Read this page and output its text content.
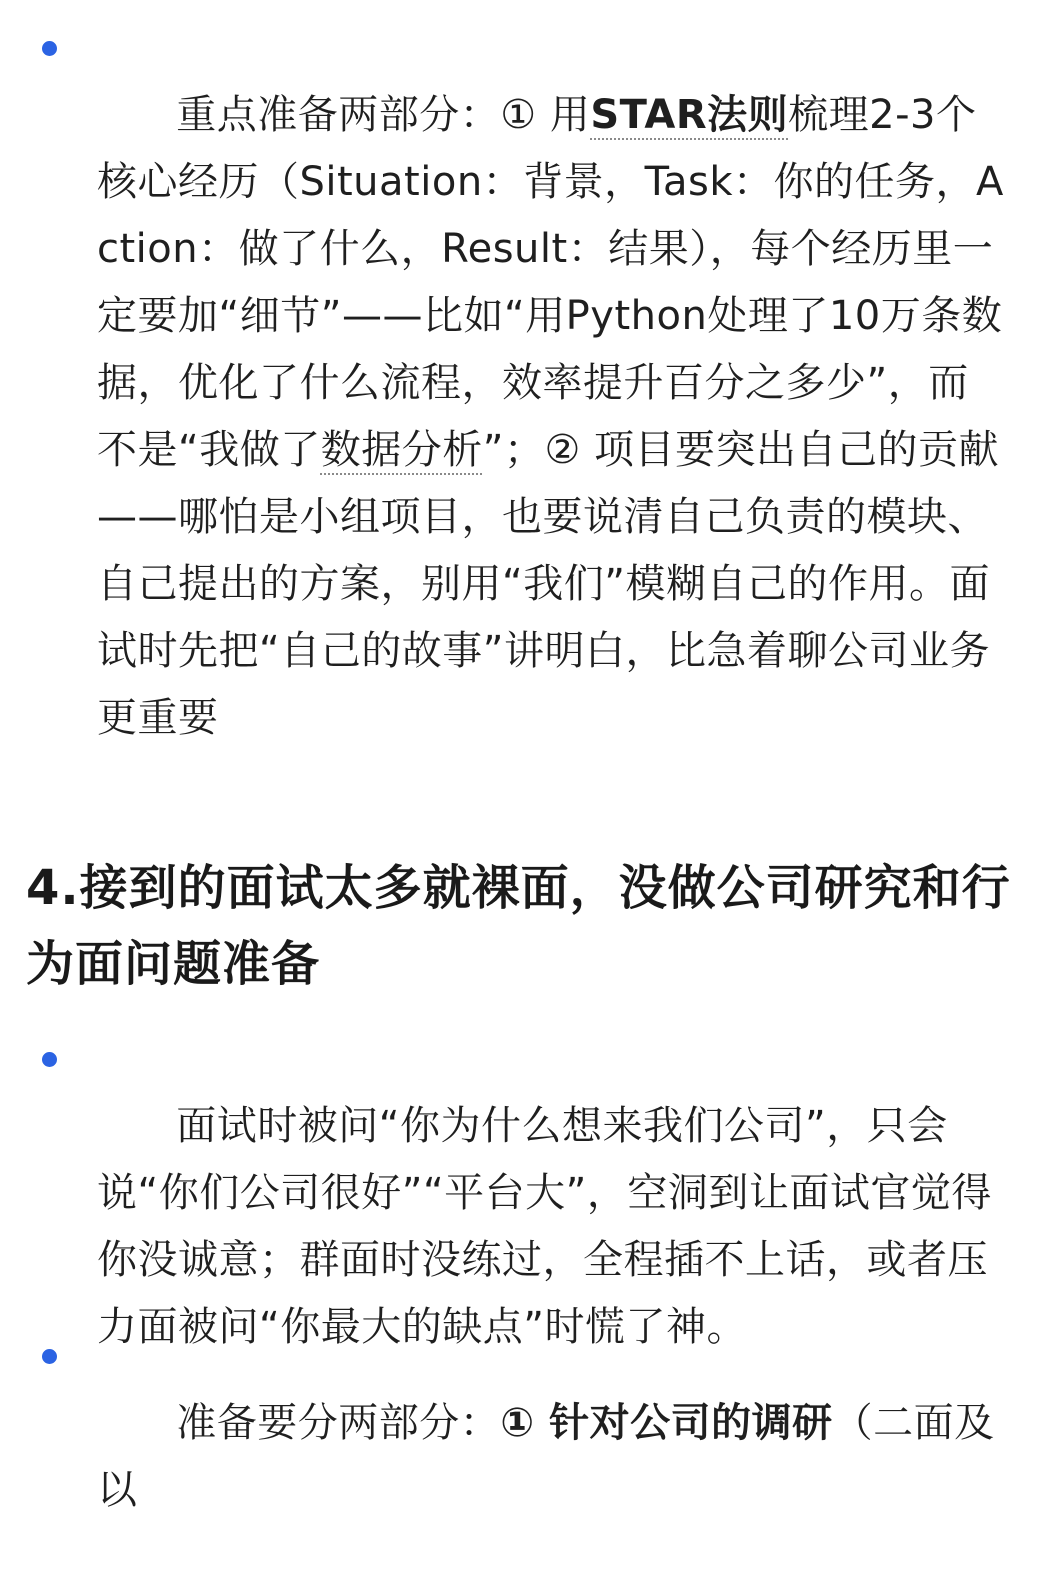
重点准备两部分：① 用STAR法则梳理2-3个核心经历（Situation：背景，Task：你的任务，Action：做了什么，Result：结果），每个经历里一定要加“细节”——比如“用Python处理了10万条数据，优化了什么流程，效率提升百分之多少”，而不是“我做了数据分析”；② 项目要突出自己的贡献——哪怕是小组项目，也要说清自己负责的模块、自己提出的方案，别用“我们”模糊自己的作用。面试时先把“自己的故事”讲明白，比急着聊公司业务更重要

4.接到的面试太多就裸面，没做公司研究和行为面问题准备

面试时被问“你为什么想来我们公司”，只会说“你们公司很好”“平台大”，空洞到让面试官觉得你没诚意；群面时没练过，全程插不上话，或者压力面被问“你最大的缺点”时慌了神。

准备要分两部分：① 针对公司的调研（二面及以
